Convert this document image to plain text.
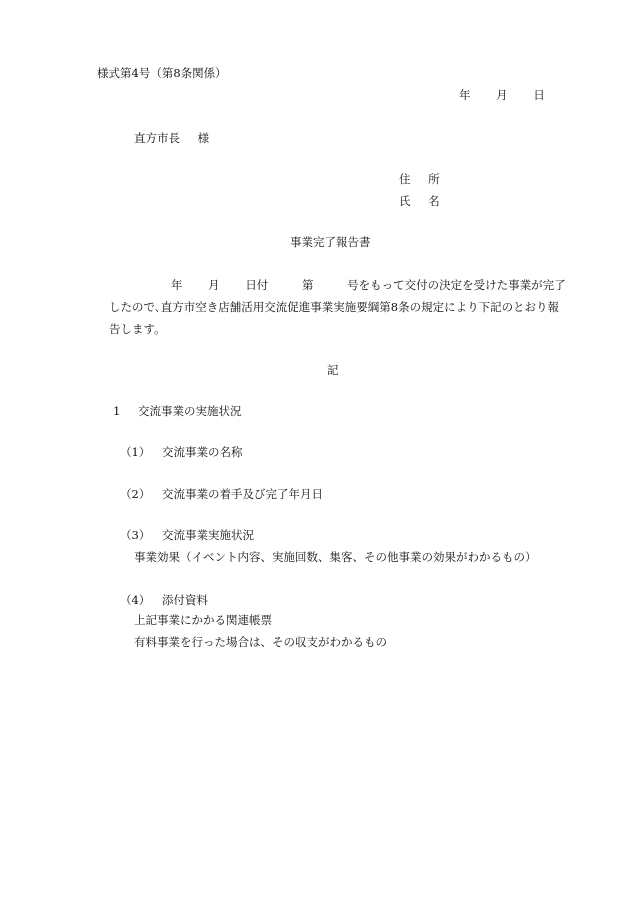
様式第4号（第8条関係）
年 月 日
直方市長 様
住 所
氏 名
事業完了報告書
年 月 日付	第	号をもって交付の決定を受けた事業が完了
したので､直方市空き店舗活用交流促進事業実施要綱第8条の規定により下記のとおり報
告します。
記
1 交流事業の実施状況
（1） 交流事業の名称
（2） 交流事業の着手及び完了年月日
（3） 交流事業実施状況
事業効果（イベント内容、実施回数、集客、その他事業の効果がわかるもの）
（4） 添付資料
上記事業にかかる関連帳票
有料事業を行った場合は、その収支がわかるもの
